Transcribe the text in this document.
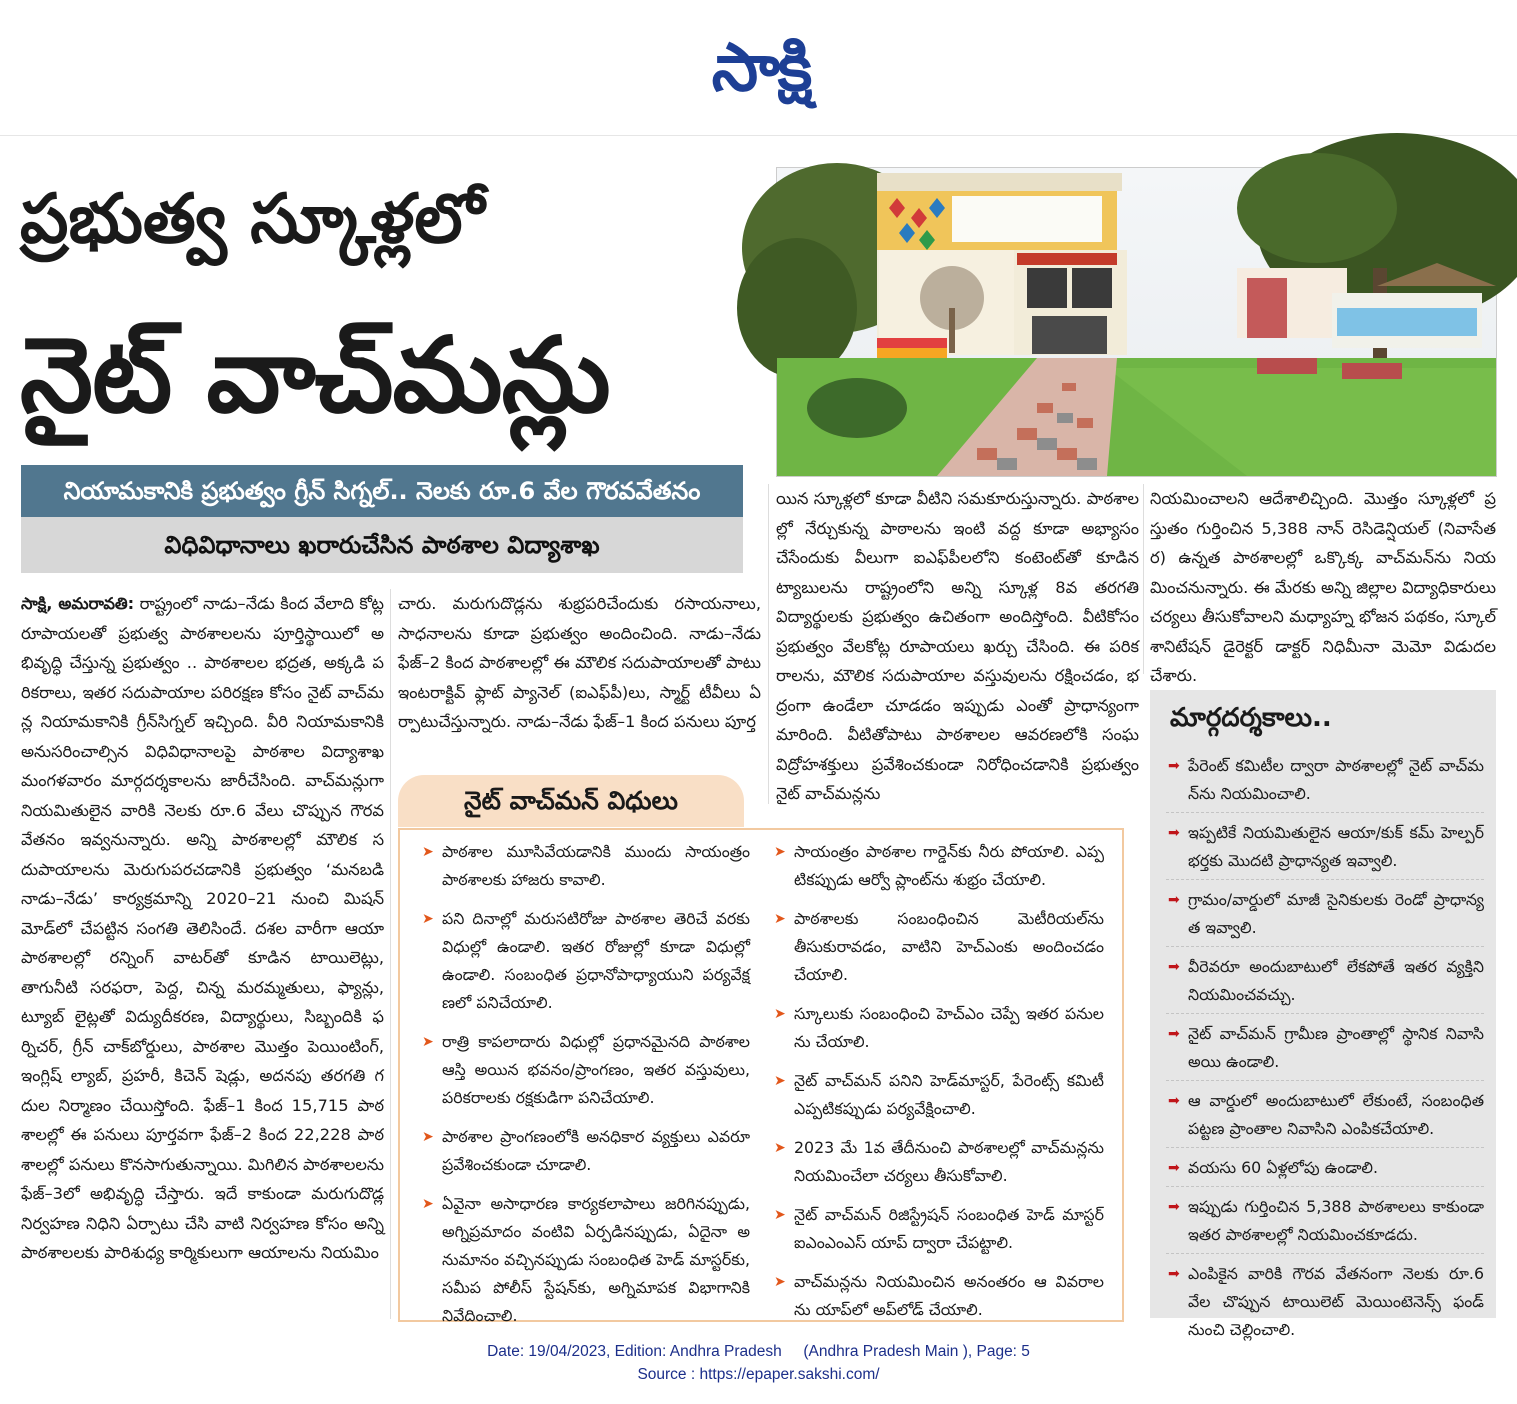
సాక్షి
ప్రభుత్వ స్కూళ్లలో
నైట్ వాచ్‌మన్లు
నియామకానికి ప్రభుత్వం గ్రీన్ సిగ్నల్.. నెలకు రూ.6 వేల గౌరవవేతనం
విధివిధానాలు ఖరారుచేసిన పాఠశాల విద్యాశాఖ

సాక్షి, అమరావతి: రాష్ట్రంలో నాడు–నేడు కింద వేలాది కోట్ల రూపాయలతో ప్రభుత్వ పాఠశాలలను పూర్తిస్థాయిలో అభివృద్ధి చేస్తున్న ప్రభుత్వం .. పాఠశాలల భద్రత, అక్కడి పరికరాలు, ఇతర సదుపాయాల పరిరక్షణ కోసం నైట్ వాచ్‌మన్ల నియామకానికి గ్రీన్‌సిగ్నల్ ఇచ్చింది. వీరి నియామకానికి అనుసరించాల్సిన విధివిధానాలపై పాఠశాల విద్యాశాఖ మంగళవారం మార్గదర్శకాలను జారీచేసింది. వాచ్‌మన్లుగా నియమితులైన వారికి నెలకు రూ.6 వేలు చొప్పున గౌరవ వేతనం ఇవ్వనున్నారు. అన్ని పాఠశాలల్లో మౌలిక సదుపాయాలను మెరుగుపరచడానికి ప్రభుత్వం ‘మనబడి నాడు–నేడు’ కార్యక్రమాన్ని 2020–21 నుంచి మిషన్ మోడ్‌లో చేపట్టిన సంగతి తెలిసిందే. దశల వారీగా ఆయా పాఠశాలల్లో రన్నింగ్ వాటర్‌తో కూడిన టాయిలెట్లు, తాగునీటి సరఫరా, పెద్ద, చిన్న మరమ్మతులు, ఫ్యాన్లు, ట్యూబ్ లైట్లతో విద్యుదీకరణ, విద్యార్థులు, సిబ్బందికి ఫర్నిచర్, గ్రీన్ చాక్‌బోర్డులు, పాఠశాల మొత్తం పెయింటింగ్, ఇంగ్లిష్ ల్యాబ్, ప్రహరీ, కిచెన్ షెడ్లు, అదనపు తరగతి గదుల నిర్మాణం చేయిస్తోంది. ఫేజ్–1 కింద 15,715 పాఠశాలల్లో ఈ పనులు పూర్తవగా ఫేజ్–2 కింద 22,228 పాఠశాలల్లో పనులు కొనసాగుతున్నాయి. మిగిలిన పాఠశాలలను ఫేజ్–3లో అభివృద్ధి చేస్తారు. ఇదే కాకుండా మరుగుదొడ్ల నిర్వహణ నిధిని ఏర్పాటు చేసి వాటి నిర్వహణ కోసం అన్ని పాఠశాలలకు పారిశుధ్య కార్మికులుగా ఆయాలను నియమిం

చారు. మరుగుదొడ్లను శుభ్రపరిచేందుకు రసాయనాలు, సాధనాలను కూడా ప్రభుత్వం అందించింది. నాడు–నేడు ఫేజ్–2 కింద పాఠశాలల్లో ఈ మౌలిక సదుపాయాలతో పాటు ఇంటరాక్టివ్ ఫ్లాట్ ప్యానెల్ (ఐఎఫ్‌పీ)లు, స్మార్ట్ టీవీలు ఏర్పాటుచేస్తున్నారు. నాడు–నేడు ఫేజ్–1 కింద పనులు పూర్త

యిన స్కూళ్లలో కూడా వీటిని సమకూరుస్తున్నారు. పాఠశాలల్లో నేర్చుకున్న పాఠాలను ఇంటి వద్ద కూడా అభ్యాసం చేసేందుకు వీలుగా ఐఎఫ్‌పీలలోని కంటెంట్‌తో కూడిన ట్యాబులను రాష్ట్రంలోని అన్ని స్కూళ్ల 8వ తరగతి విద్యార్థులకు ప్రభుత్వం ఉచితంగా అందిస్తోంది. వీటికోసం ప్రభుత్వం వేలకోట్ల రూపాయలు ఖర్చు చేసింది. ఈ పరికరాలను, మౌలిక సదుపాయాల వస్తువులను రక్షించడం, భద్రంగా ఉండేలా చూడడం ఇప్పుడు ఎంతో ప్రాధాన్యంగా మారింది. వీటితోపాటు పాఠశాలల ఆవరణలోకి సంఘవిద్రోహశక్తులు ప్రవేశించకుండా నిరోధించడానికి ప్రభుత్వం నైట్ వాచ్‌మన్లను

నియమించాలని ఆదేశాలిచ్చింది. మొత్తం స్కూళ్లలో ప్రస్తుతం గుర్తించిన 5,388 నాన్ రెసిడెన్షియల్ (నివాసేతర) ఉన్నత పాఠశాలల్లో ఒక్కొక్క వాచ్‌మన్‌ను నియమించనున్నారు. ఈ మేరకు అన్ని జిల్లాల విద్యాధికారులు చర్యలు తీసుకోవాలని మధ్యాహ్న భోజన పథకం, స్కూల్ శానిటేషన్ డైరెక్టర్ డాక్టర్ నిధిమీనా మెమో విడుదల చేశారు.

నైట్ వాచ్‌మన్ విధులు
➤ పాఠశాల మూసివేయడానికి ముందు సాయంత్రం పాఠశాలకు హాజరు కావాలి.
➤ పని దినాల్లో మరుసటిరోజు పాఠశాల తెరిచే వరకు విధుల్లో ఉండాలి. ఇతర రోజుల్లో కూడా విధుల్లో ఉండాలి. సంబంధిత ప్రధానోపాధ్యాయుని పర్యవేక్షణలో పనిచేయాలి.
➤ రాత్రి కాపలాదారు విధుల్లో ప్రధానమైనది పాఠశాల ఆస్తి అయిన భవనం/ప్రాంగణం, ఇతర వస్తువులు, పరికరాలకు రక్షకుడిగా పనిచేయాలి.
➤ పాఠశాల ప్రాంగణంలోకి అనధికార వ్యక్తులు ఎవరూ ప్రవేశించకుండా చూడాలి.
➤ ఏవైనా అసాధారణ కార్యకలాపాలు జరిగినప్పుడు, అగ్నిప్రమాదం వంటివి ఏర్పడినప్పుడు, ఏదైనా అనుమానం వచ్చినప్పుడు సంబంధిత హెడ్ మాస్టర్‌కు, సమీప పోలీస్ స్టేషన్‌కు, అగ్నిమాపక విభాగానికి నివేదించాలి.
➤ సాయంత్రం పాఠశాల గార్డెన్‌కు నీరు పోయాలి. ఎప్పటికప్పుడు ఆర్వో ప్లాంట్‌ను శుభ్రం చేయాలి.
➤ పాఠశాలకు సంబంధించిన మెటీరియల్‌ను తీసుకురావడం, వాటిని హెచ్ఎంకు అందించడం చేయాలి.
➤ స్కూలుకు సంబంధించి హెచ్ఎం చెప్పే ఇతర పనులను చేయాలి.
➤ నైట్ వాచ్‌మన్ పనిని హెడ్‌మాస్టర్, పేరెంట్స్ కమిటీ ఎప్పటికప్పుడు పర్యవేక్షించాలి.
➤ 2023 మే 1వ తేదీనుంచి పాఠశాలల్లో వాచ్‌మన్లను నియమించేలా చర్యలు తీసుకోవాలి.
➤ నైట్ వాచ్‌మన్ రిజిస్ట్రేషన్ సంబంధిత హెడ్ మాస్టర్ ఐఎంఎంఎస్ యాప్ ద్వారా చేపట్టాలి.
➤ వాచ్‌మన్లను నియమించిన అనంతరం ఆ వివరాలను యాప్‌లో అప్‌లోడ్ చేయాలి.
మార్గదర్శకాలు..
➡ పేరెంట్ కమిటీల ద్వారా పాఠశాలల్లో నైట్ వాచ్‌మన్‌ను నియమించాలి.
➡ ఇప్పటికే నియమితులైన ఆయా/కుక్ కమ్ హెల్పర్ భర్తకు మొదటి ప్రాధాన్యత ఇవ్వాలి.
➡ గ్రామం/వార్డులో మాజీ సైనికులకు రెండో ప్రాధాన్యత ఇవ్వాలి.
➡ వీరెవరూ అందుబాటులో లేకపోతే ఇతర వ్యక్తిని నియమించవచ్చు.
➡ నైట్ వాచ్‌మన్ గ్రామీణ ప్రాంతాల్లో స్థానిక నివాసి అయి ఉండాలి.
➡ ఆ వార్డులో అందుబాటులో లేకుంటే, సంబంధిత పట్టణ ప్రాంతాల నివాసిని ఎంపికచేయాలి.
➡ వయసు 60 ఏళ్లలోపు ఉండాలి.
➡ ఇప్పుడు గుర్తించిన 5,388 పాఠశాలలు కాకుండా ఇతర పాఠశాలల్లో నియమించకూడదు.
➡ ఎంపికైన వారికి గౌరవ వేతనంగా నెలకు రూ.6 వేల చొప్పున టాయిలెట్ మెయింటెనెన్స్ ఫండ్ నుంచి చెల్లించాలి.
Date: 19/04/2023, Edition: Andhra Pradesh     (Andhra Pradesh Main ), Page: 5
Source : https://epaper.sakshi.com/
